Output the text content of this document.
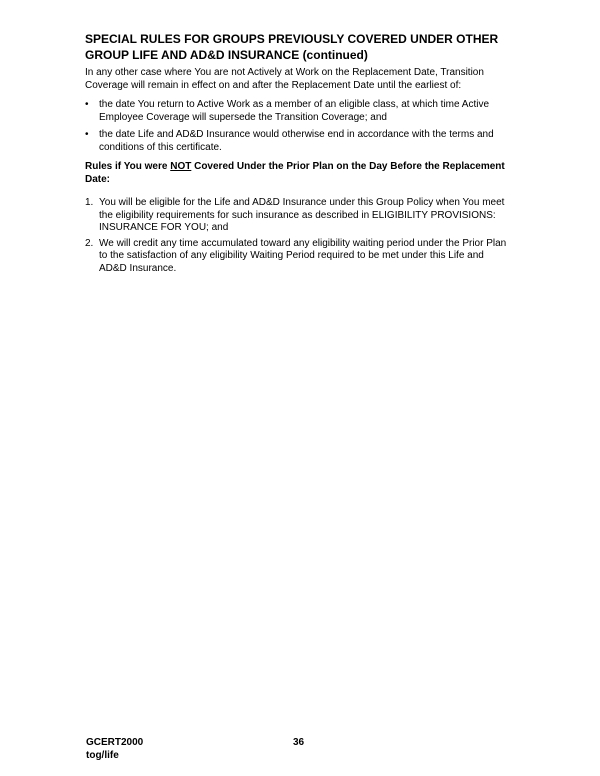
SPECIAL RULES FOR GROUPS PREVIOUSLY COVERED UNDER OTHER GROUP LIFE AND AD&D INSURANCE (continued)

In any other case where You are not Actively at Work on the Replacement Date, Transition Coverage will remain in effect on and after the Replacement Date until the earliest of:

•	the date You return to Active Work as a member of an eligible class, at which time Active Employee Coverage will supersede the Transition Coverage; and
•	the date Life and AD&D Insurance would otherwise end in accordance with the terms and conditions of this certificate.

Rules if You were NOT Covered Under the Prior Plan on the Day Before the Replacement Date:

1. You will be eligible for the Life and AD&D Insurance under this Group Policy when You meet the eligibility requirements for such insurance as described in ELIGIBILITY PROVISIONS: INSURANCE FOR YOU; and
2. We will credit any time accumulated toward any eligibility waiting period under the Prior Plan to the satisfaction of any eligibility Waiting Period required to be met under this Life and AD&D Insurance.
GCERT2000
tog/life
36
